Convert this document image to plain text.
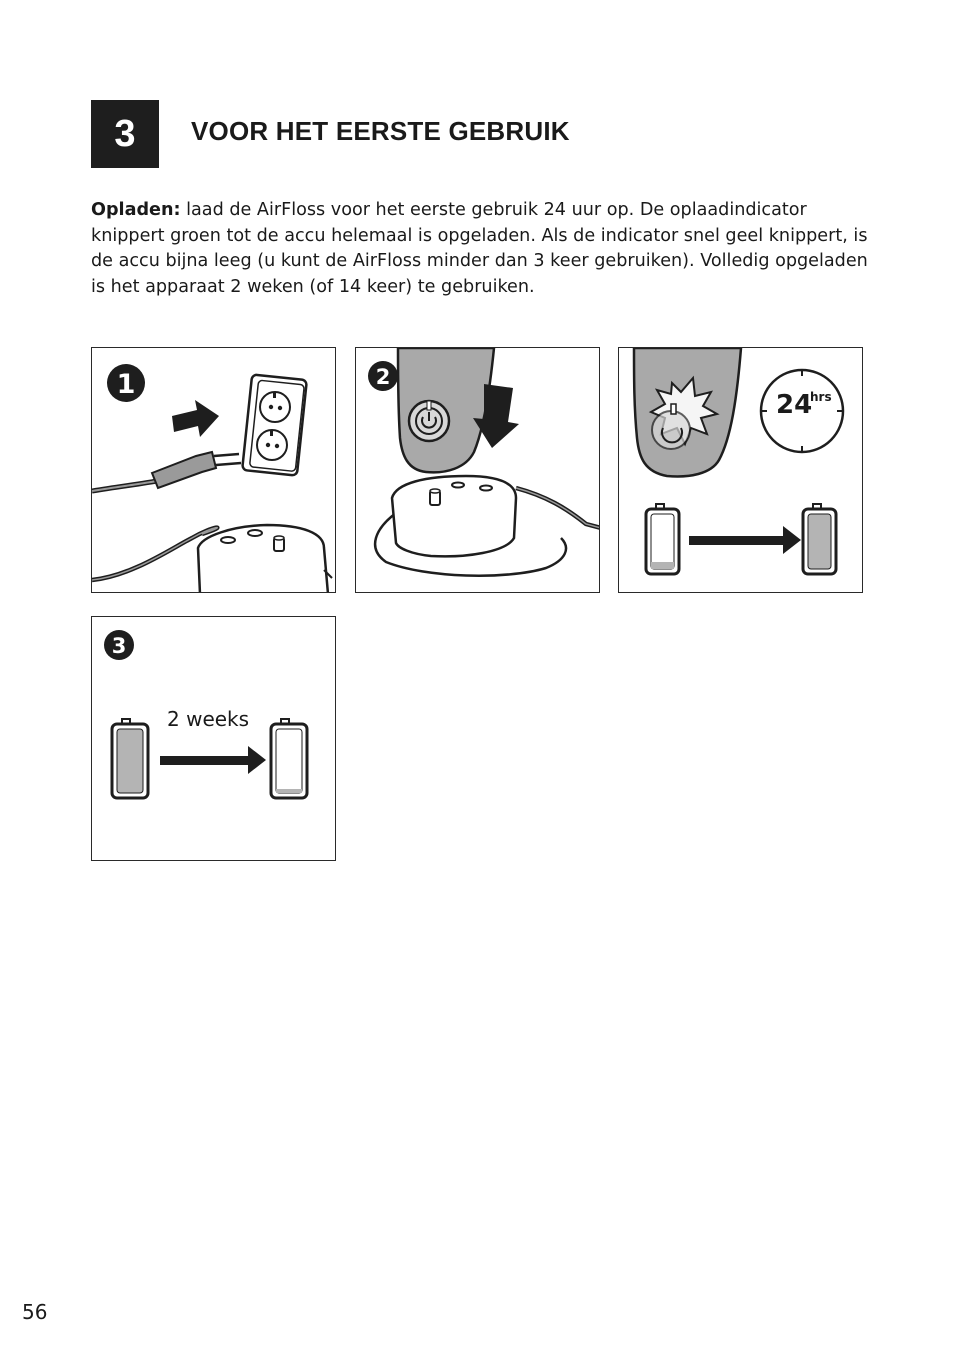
3 VOOR HET EERSTE GEBRUIK
Opladen: laad de AirFloss voor het eerste gebruik 24 uur op. De oplaadindicator knippert groen tot de accu helemaal is opgeladen. Als de indicator snel geel knippert, is de accu bijna leeg (u kunt de AirFloss minder dan 3 keer gebruiken). Volledig opgeladen is het apparaat 2 weken (of 14 keer) te gebruiken.
1	2
24
hrs
3
2 weeks
56
